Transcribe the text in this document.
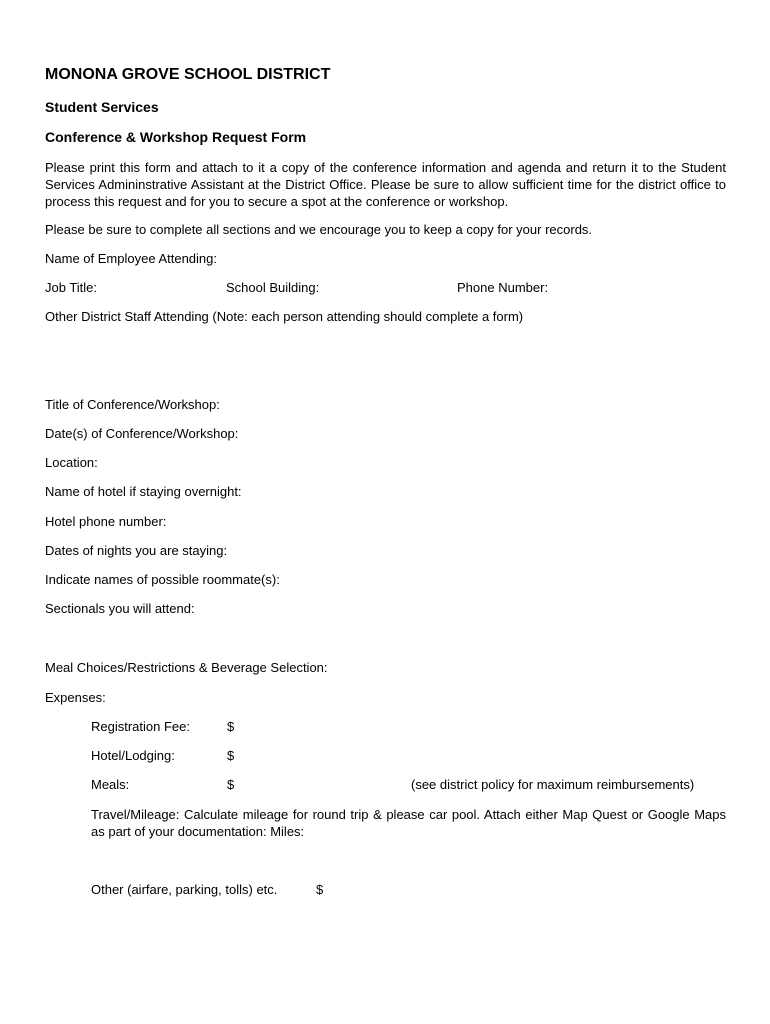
MONONA GROVE SCHOOL DISTRICT
Student Services
Conference & Workshop Request Form

Please print this form and attach to it a copy of the conference information and agenda and return it to the Student Services Admininstrative Assistant at the District Office. Please be sure to allow sufficient time for the district office to process this request and for you to secure a spot at the conference or workshop.

Please be sure to complete all sections and we encourage you to keep a copy for your records.
Name of Employee Attending:
Job Title:	School Building:	Phone Number:
Other District Staff Attending (Note: each person attending should complete a form)
Title of Conference/Workshop:
Date(s) of Conference/Workshop:
Location:
Name of hotel if staying overnight:
Hotel phone number:
Dates of nights you are staying:
Indicate names of possible roommate(s):
Sectionals you will attend:
Meal Choices/Restrictions & Beverage Selection:
Expenses:
Registration Fee:	$
Hotel/Lodging:	$
Meals:	$	(see district policy for maximum reimbursements)

Travel/Mileage: Calculate mileage for round trip & please car pool. Attach either Map Quest or Google Maps as part of your documentation: Miles:

Other (airfare, parking, tolls) etc.	$
